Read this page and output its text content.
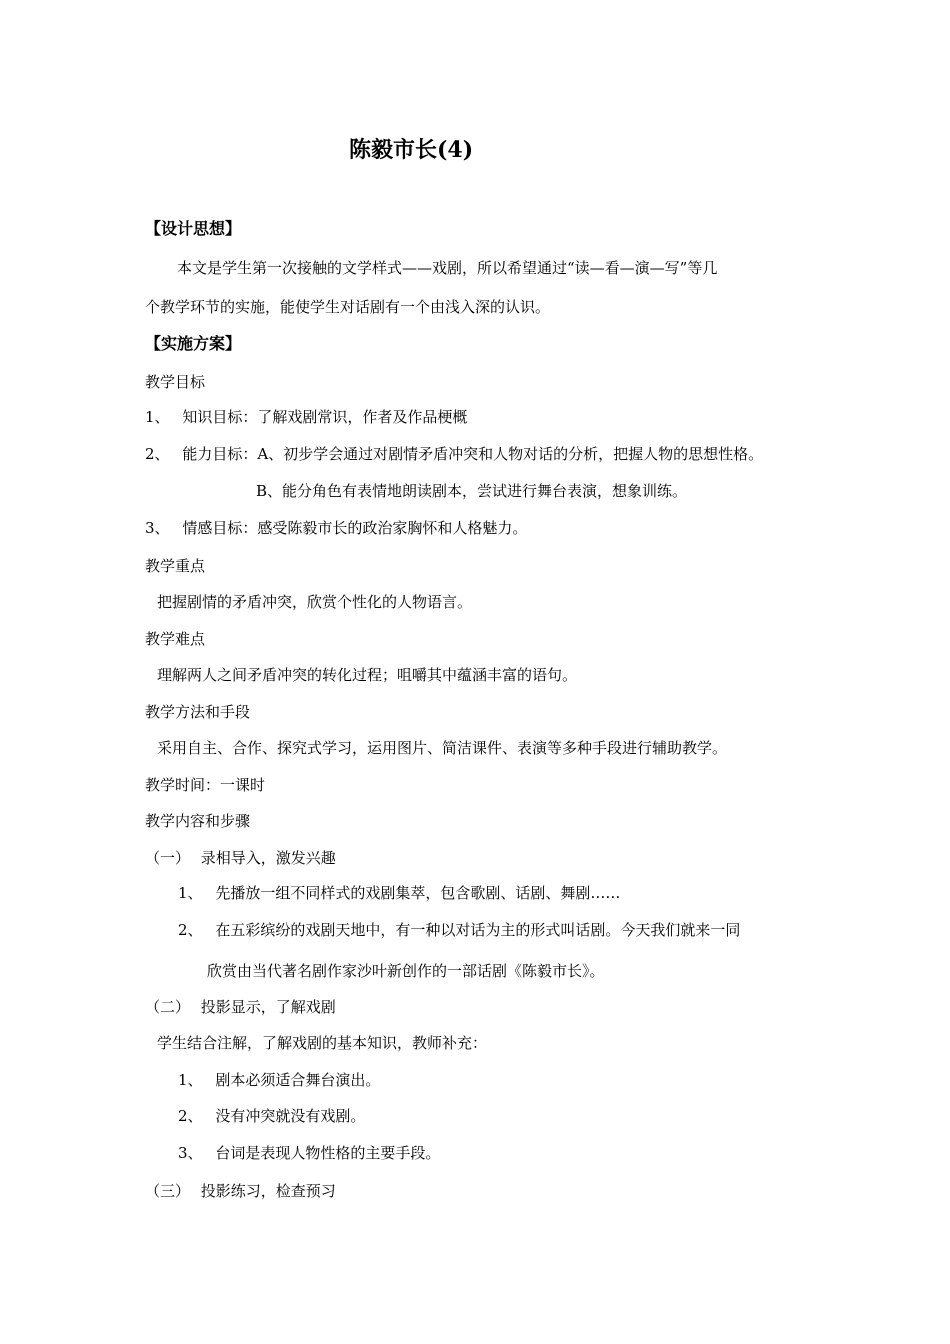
陈毅市长(4)
【设计思想】
本文是学生第一次接触的文学样式——戏剧，所以希望通过“读—看—演—写”等几
个教学环节的实施，能使学生对话剧有一个由浅入深的认识。
【实施方案】
教学目标
1、 知识目标：了解戏剧常识，作者及作品梗概
2、 能力目标：A、初步学会通过对剧情矛盾冲突和人物对话的分析，把握人物的思想性格。
B、能分角色有表情地朗读剧本，尝试进行舞台表演，想象训练。
3、 情感目标：感受陈毅市长的政治家胸怀和人格魅力。
教学重点
把握剧情的矛盾冲突，欣赏个性化的人物语言。
教学难点
理解两人之间矛盾冲突的转化过程；咀嚼其中蕴涵丰富的语句。
教学方法和手段
采用自主、合作、探究式学习，运用图片、简洁课件、表演等多种手段进行辅助教学。
教学时间：一课时
教学内容和步骤
（一） 录相导入，激发兴趣
1、 先播放一组不同样式的戏剧集萃，包含歌剧、话剧、舞剧……
2、 在五彩缤纷的戏剧天地中，有一种以对话为主的形式叫话剧。今天我们就来一同
欣赏由当代著名剧作家沙叶新创作的一部话剧《陈毅市长》。
（二） 投影显示，了解戏剧
学生结合注解，了解戏剧的基本知识，教师补充：
1、 剧本必须适合舞台演出。
2、 没有冲突就没有戏剧。
3、 台词是表现人物性格的主要手段。
（三） 投影练习，检查预习
